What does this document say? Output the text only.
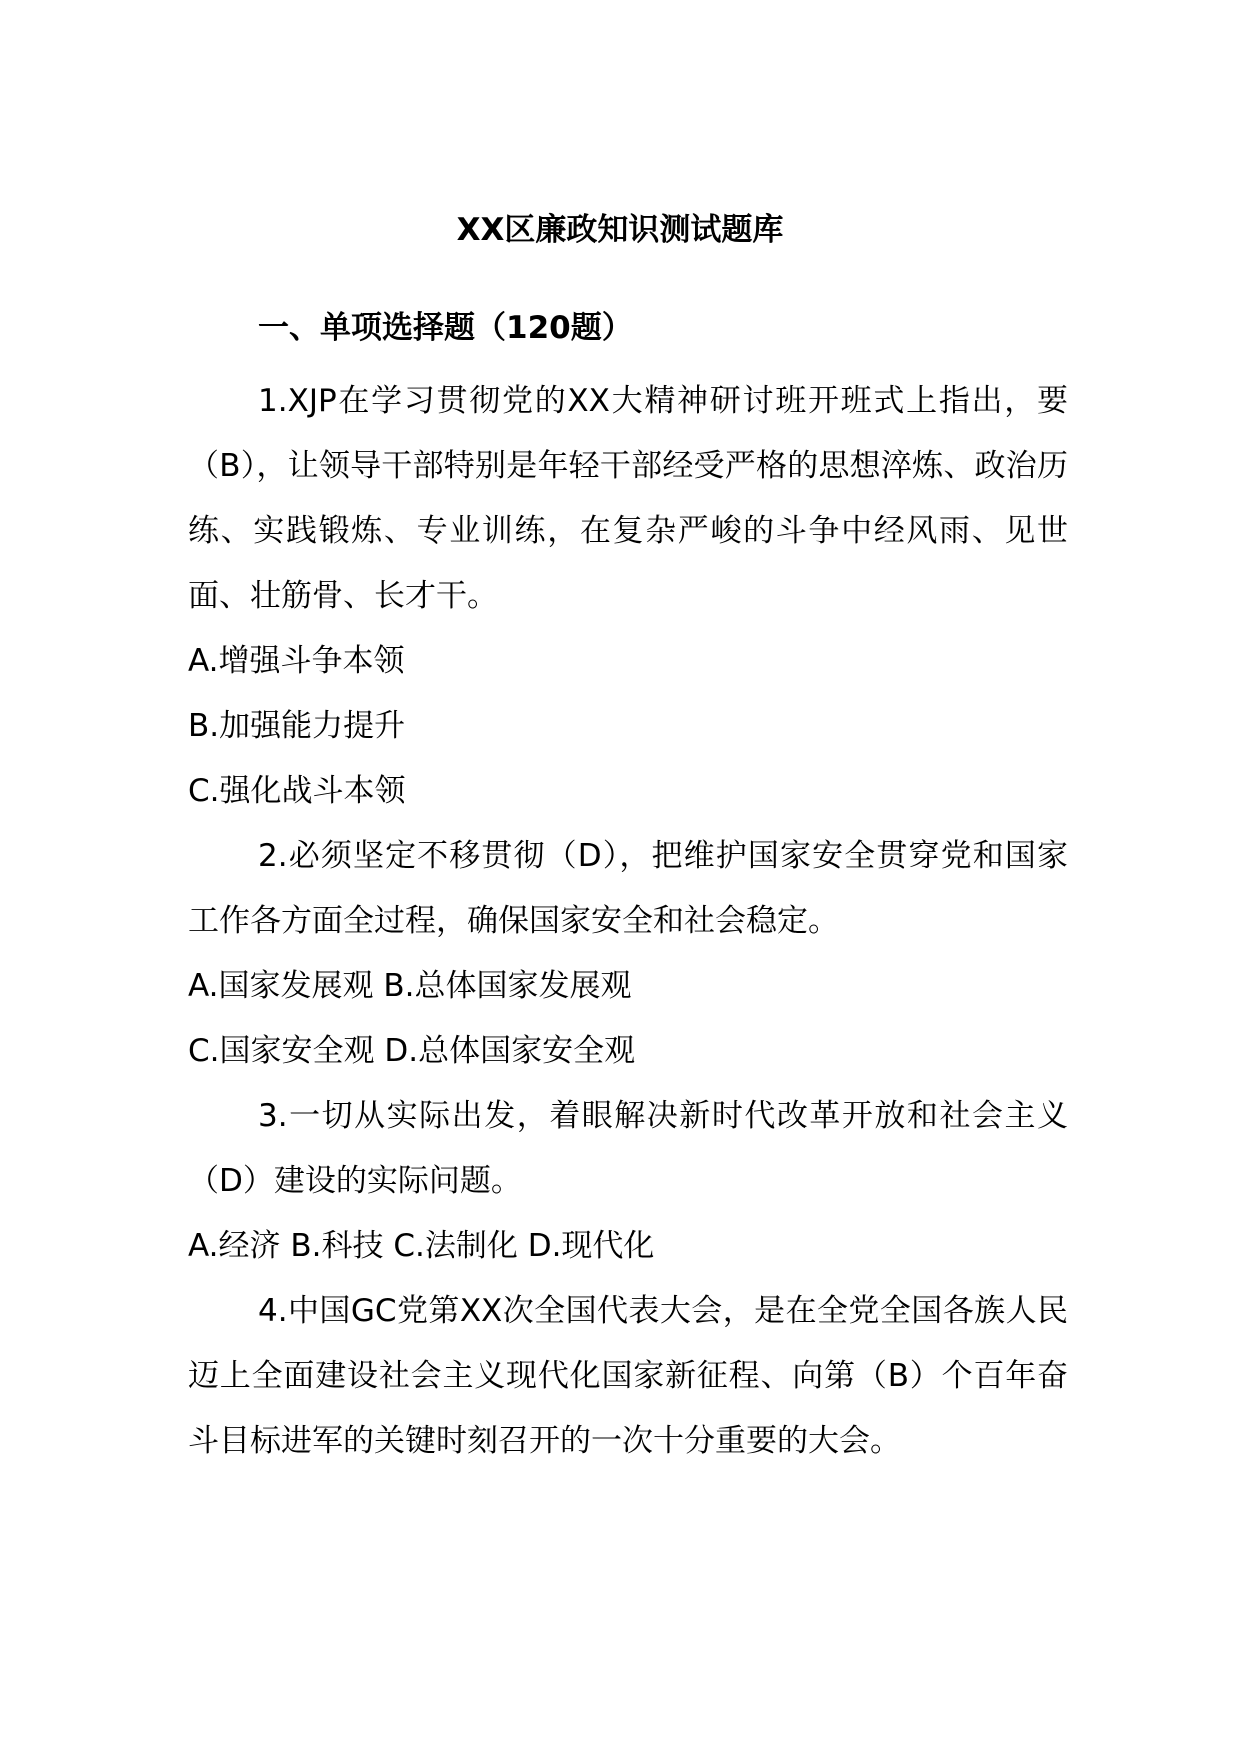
XX区廉政知识测试题库
一、单项选择题（120题）

1.XJP在学习贯彻党的XX大精神研讨班开班式上指出，要（B），让领导干部特别是年轻干部经受严格的思想淬炼、政治历练、实践锻炼、专业训练，在复杂严峻的斗争中经风雨、见世面、壮筋骨、长才干。

A.增强斗争本领

B.加强能力提升

C.强化战斗本领

2.必须坚定不移贯彻（D），把维护国家安全贯穿党和国家工作各方面全过程，确保国家安全和社会稳定。

A.国家发展观 B.总体国家发展观

C.国家安全观 D.总体国家安全观

3.一切从实际出发，着眼解决新时代改革开放和社会主义（D）建设的实际问题。

A.经济 B.科技 C.法制化 D.现代化

4.中国GC党第XX次全国代表大会，是在全党全国各族人民迈上全面建设社会主义现代化国家新征程、向第（B）个百年奋斗目标进军的关键时刻召开的一次十分重要的大会。
